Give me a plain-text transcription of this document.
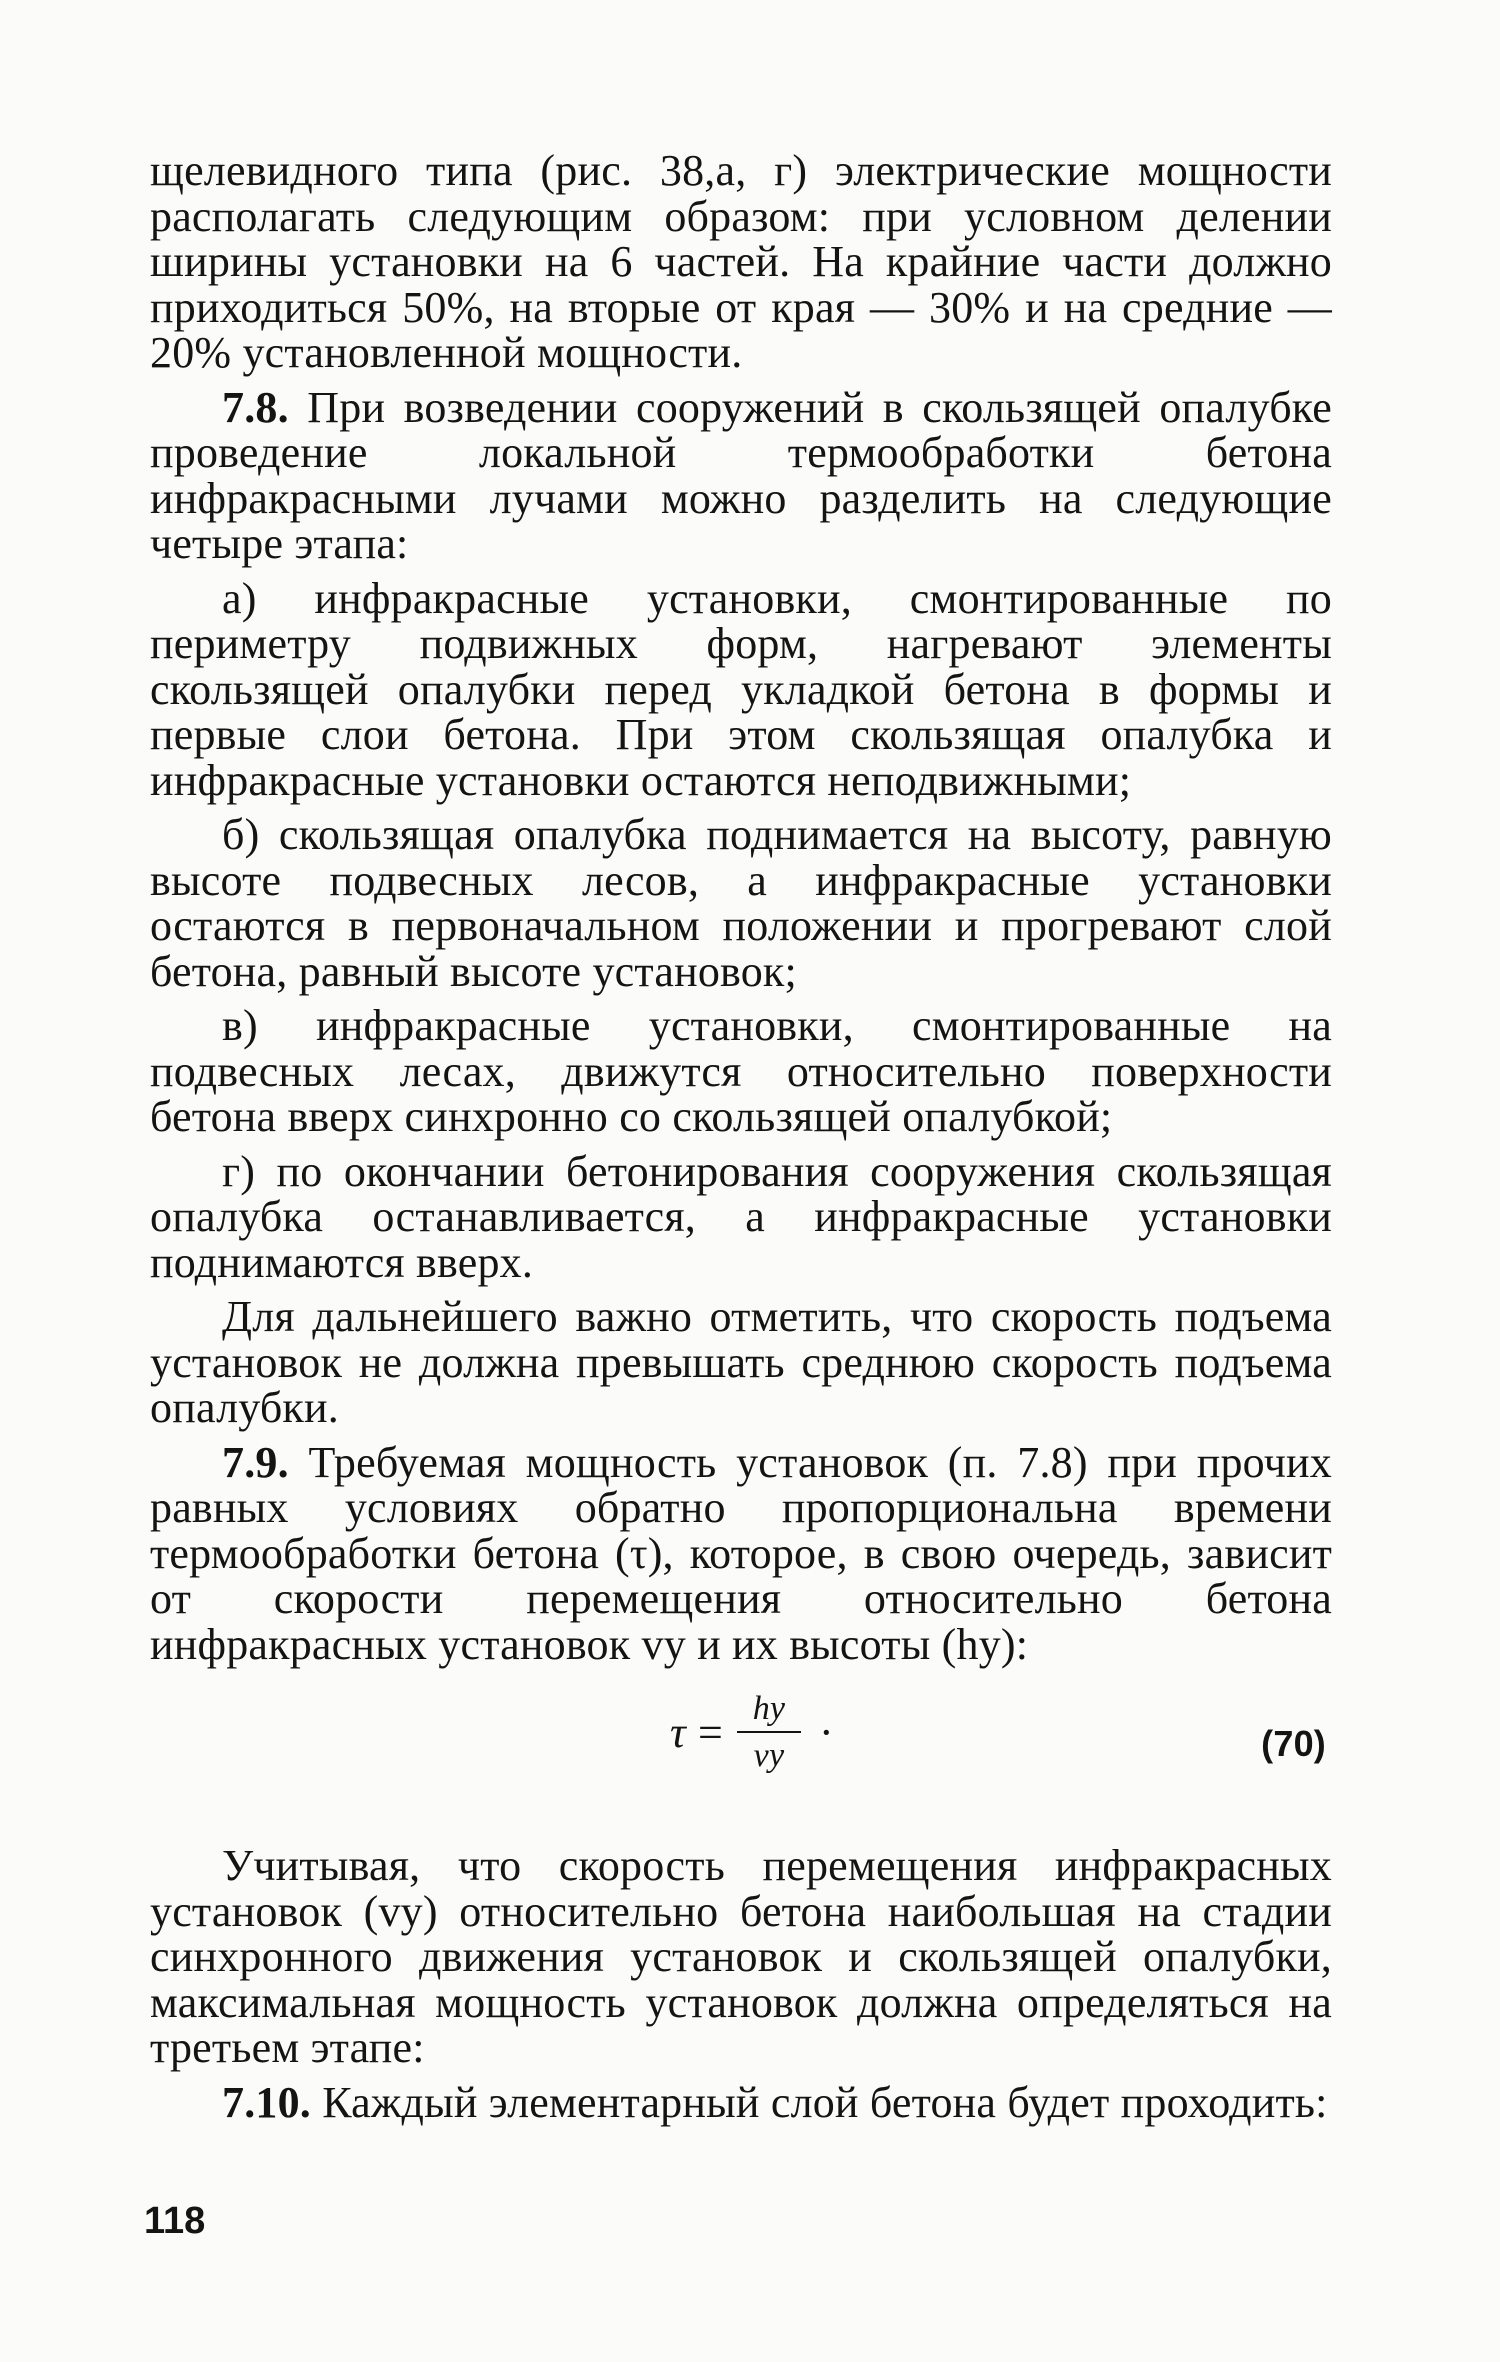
щелевидного типа (рис. 38,а, г) электрические мощности располагать следующим образом: при условном делении ширины установки на 6 частей. На крайние части должно приходиться 50%, на вторые от края — 30% и на средние — 20% установленной мощности.

7.8. При возведении сооружений в скользящей опалубке проведение локальной термообработки бетона инфракрасными лучами можно разделить на следующие четыре этапа:

а) инфракрасные установки, смонтированные по периметру подвижных форм, нагревают элементы скользящей опалубки перед укладкой бетона в формы и первые слои бетона. При этом скользящая опалубка и инфракрасные установки остаются неподвижными;

б) скользящая опалубка поднимается на высоту, равную высоте подвесных лесов, а инфракрасные установки остаются в первоначальном положении и прогревают слой бетона, равный высоте установок;

в) инфракрасные установки, смонтированные на подвесных лесах, движутся относительно поверхности бетона вверх синхронно со скользящей опалубкой;

г) по окончании бетонирования сооружения скользящая опалубка останавливается, а инфракрасные установки поднимаются вверх.

Для дальнейшего важно отметить, что скорость подъема установок не должна превышать среднюю скорость подъема опалубки.

7.9. Требуемая мощность установок (п. 7.8) при прочих равных условиях обратно пропорциональна времени термообработки бетона (τ), которое, в свою очередь, зависит от скорости перемещения относительно бетона инфракрасных установок vу и их высоты (hу):

$\tau = \frac{hу}{vу}$ ·	(70)

Учитывая, что скорость перемещения инфракрасных установок (vу) относительно бетона наибольшая на стадии синхронного движения установок и скользящей опалубки, максимальная мощность установок должна определяться на третьем этапе:

7.10. Каждый элементарный слой бетона будет проходить:

118
